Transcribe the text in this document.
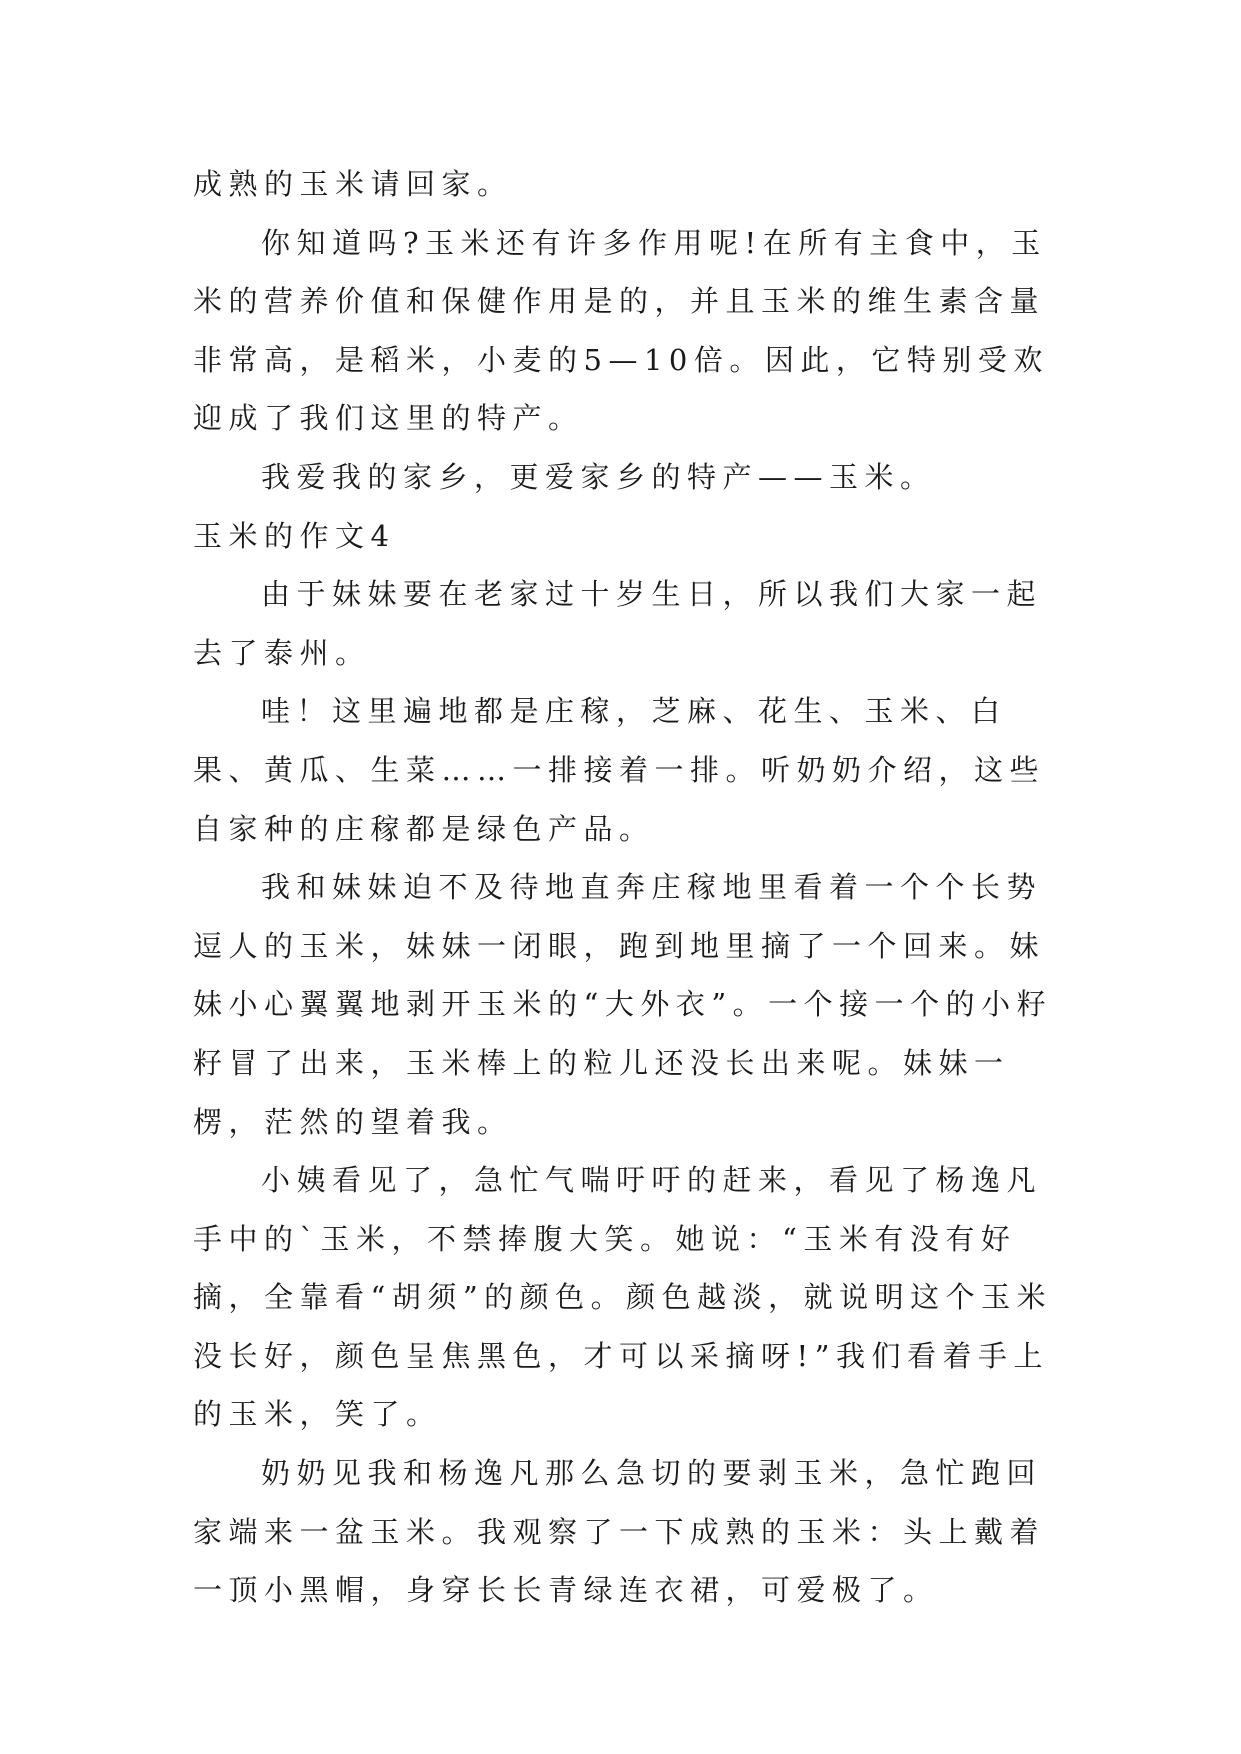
成熟的玉米请回家。

你知道吗?玉米还有许多作用呢!在所有主食中，玉米的营养价值和保健作用是的，并且玉米的维生素含量非常高，是稻米，小麦的5—10倍。因此，它特别受欢迎成了我们这里的特产。

我爱我的家乡，更爱家乡的特产——玉米。

玉米的作文4

由于妹妹要在老家过十岁生日，所以我们大家一起去了泰州。

哇！这里遍地都是庄稼，芝麻、花生、玉米、白果、黄瓜、生菜……一排接着一排。听奶奶介绍，这些自家种的庄稼都是绿色产品。

我和妹妹迫不及待地直奔庄稼地里看着一个个长势逗人的玉米，妹妹一闭眼，跑到地里摘了一个回来。妹妹小心翼翼地剥开玉米的“大外衣”。一个接一个的小籽籽冒了出来，玉米棒上的粒儿还没长出来呢。妹妹一楞，茫然的望着我。

小姨看见了，急忙气喘吁吁的赶来，看见了杨逸凡手中的`玉米，不禁捧腹大笑。她说：“玉米有没有好摘，全靠看“胡须”的颜色。颜色越淡，就说明这个玉米没长好，颜色呈焦黑色，才可以采摘呀!”我们看着手上的玉米，笑了。

奶奶见我和杨逸凡那么急切的要剥玉米，急忙跑回家端来一盆玉米。我观察了一下成熟的玉米：头上戴着一顶小黑帽，身穿长长青绿连衣裙，可爱极了。
